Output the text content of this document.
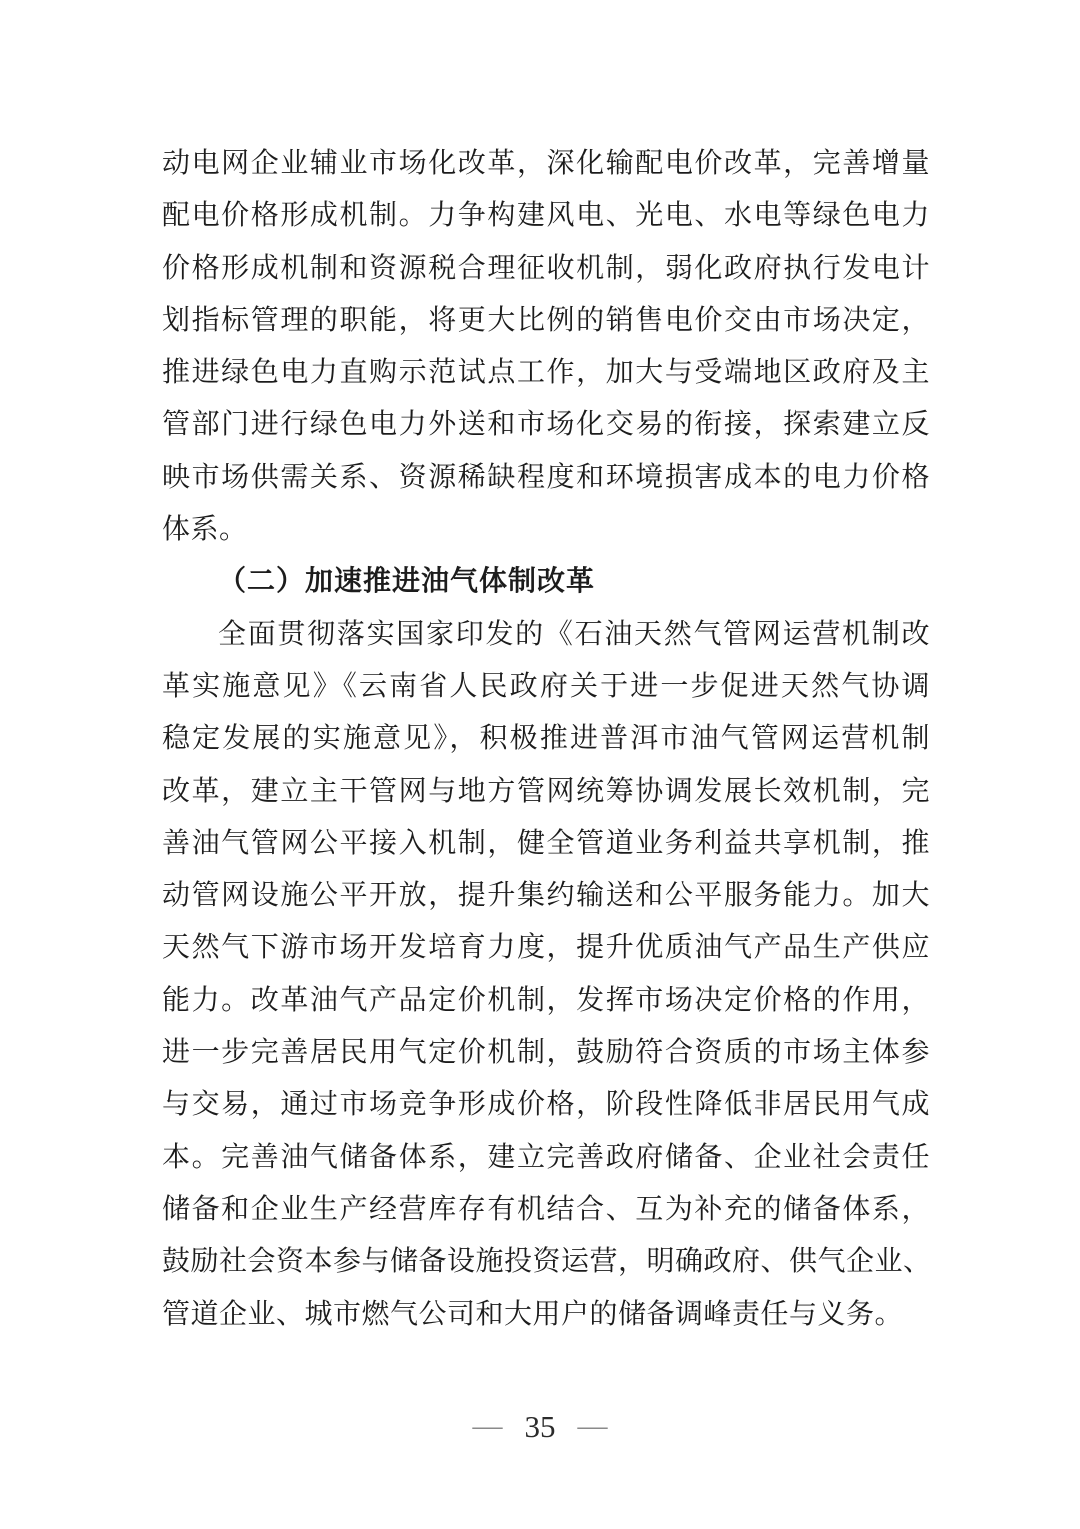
动电网企业辅业市场化改革，深化输配电价改革，完善增量
配电价格形成机制。力争构建风电、光电、水电等绿色电力
价格形成机制和资源税合理征收机制，弱化政府执行发电计
划指标管理的职能，将更大比例的销售电价交由市场决定，
推进绿色电力直购示范试点工作，加大与受端地区政府及主
管部门进行绿色电力外送和市场化交易的衔接，探索建立反
映市场供需关系、资源稀缺程度和环境损害成本的电力价格
体系。
（二）加速推进油气体制改革
全面贯彻落实国家印发的《石油天然气管网运营机制改
革实施意见》《云南省人民政府关于进一步促进天然气协调
稳定发展的实施意见》，积极推进普洱市油气管网运营机制
改革，建立主干管网与地方管网统筹协调发展长效机制，完
善油气管网公平接入机制，健全管道业务利益共享机制，推
动管网设施公平开放，提升集约输送和公平服务能力。加大
天然气下游市场开发培育力度，提升优质油气产品生产供应
能力。改革油气产品定价机制，发挥市场决定价格的作用，
进一步完善居民用气定价机制，鼓励符合资质的市场主体参
与交易，通过市场竞争形成价格，阶段性降低非居民用气成
本。完善油气储备体系，建立完善政府储备、企业社会责任
储备和企业生产经营库存有机结合、互为补充的储备体系，
鼓励社会资本参与储备设施投资运营，明确政府、供气企业、
管道企业、城市燃气公司和大用户的储备调峰责任与义务。
— 35 —
